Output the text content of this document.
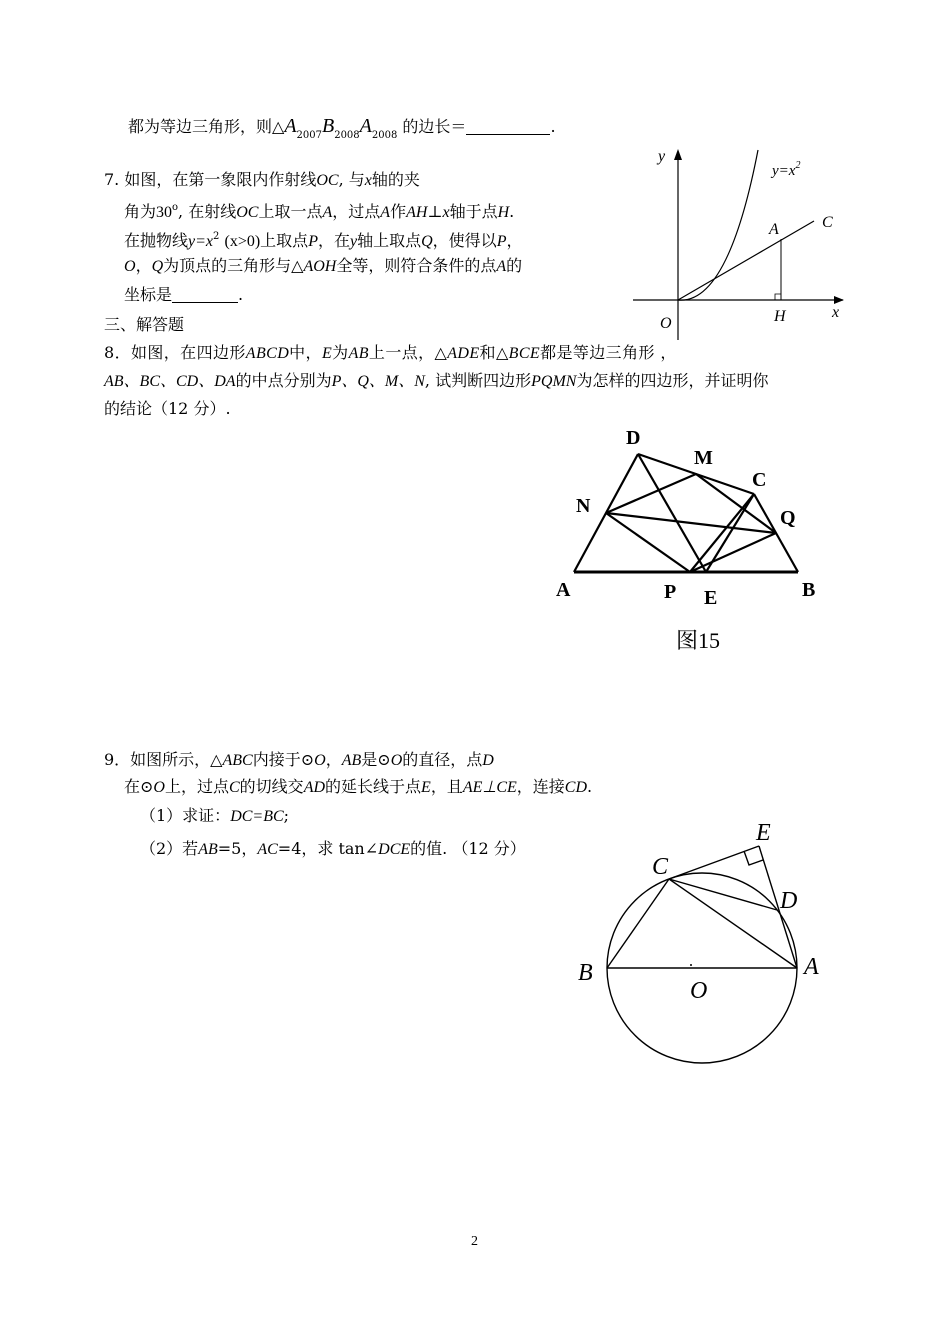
都为等边三角形，则$\triangle A_{2007}B_{2008}A_{2008}$ 的边长＝	.
7. 如图，在第一象限内作射线OC, 与x轴的夹
角为30$^o$, 在射线OC上取一点A，过点A作AH⊥x轴于点H.
在抛物线$y=x^2$ (x>0)上取点P，在y轴上取点Q，使得以P，
O，Q为顶点的三角形与△AOH全等，则符合条件的点A的
坐标是	.
y
x
O	H
A	C
$y=x^2$
三、解答题
8．如图，在四边形ABCD中，E为AB上一点，△ADE和△BCE都是等边三角形 ，
AB、BC、CD、DA的中点分别为P、Q、M、N, 试判断四边形PQMN为怎样的四边形，并证明你
的结论（12 分）.
D
M
C
N
Q
A	P E	B
图15
9．如图所示，△ABC内接于⊙O，AB是⊙O的直径，点D
在⊙O上，过点C的切线交AD的延长线于点E，且AE⊥CE，连接CD.
（1）求证：DC=BC;
（2）若AB=5，AC=4，求 tan∠DCE的值. （12 分）
E
C
D
B	A
O
2
